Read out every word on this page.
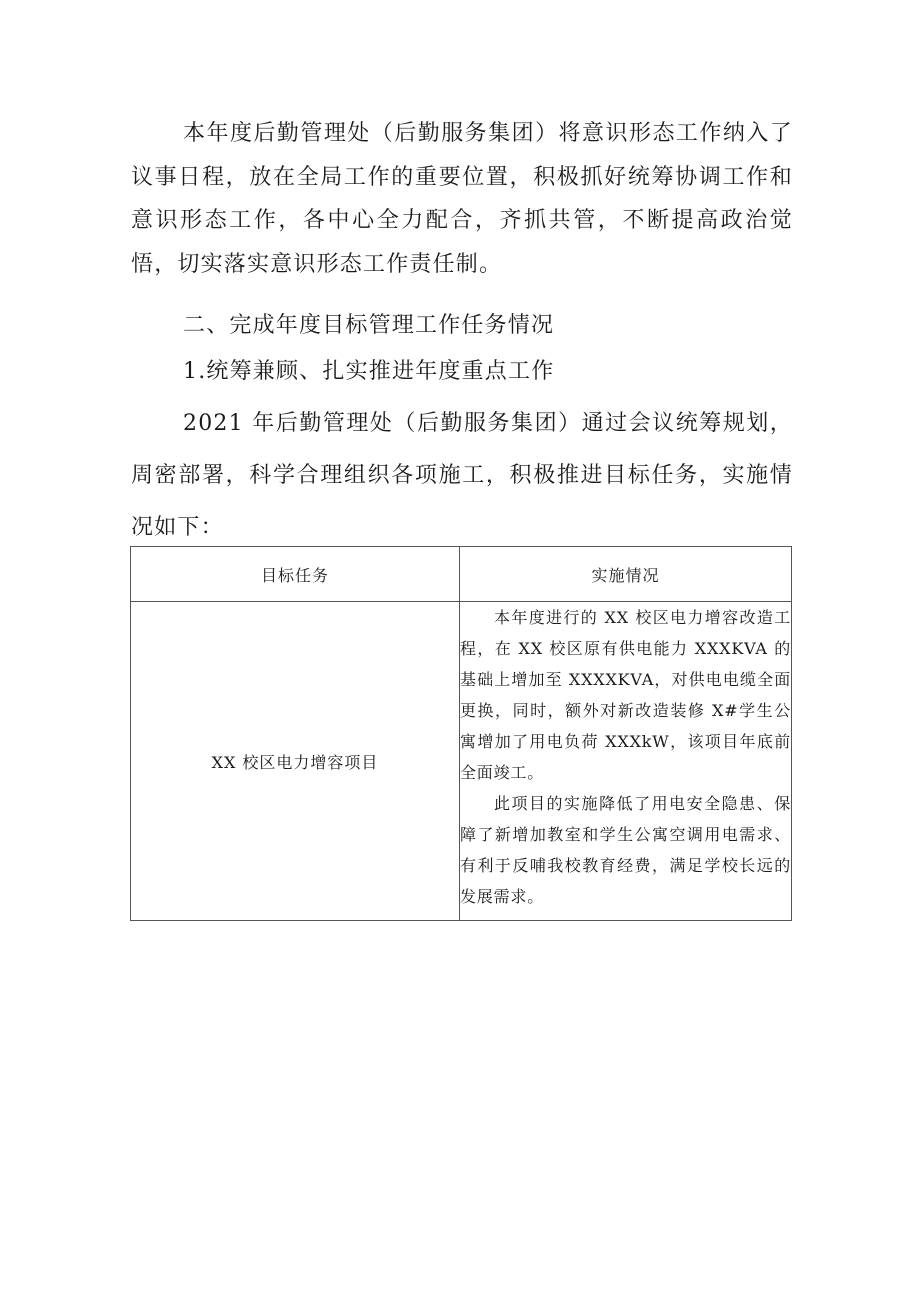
本年度后勤管理处（后勤服务集团）将意识形态工作纳入了议事日程，放在全局工作的重要位置，积极抓好统筹协调工作和意识形态工作，各中心全力配合，齐抓共管，不断提高政治觉悟，切实落实意识形态工作责任制。

二、完成年度目标管理工作任务情况

1.统筹兼顾、扎实推进年度重点工作

2021 年后勤管理处（后勤服务集团）通过会议统筹规划，周密部署，科学合理组织各项施工，积极推进目标任务，实施情况如下：

目标任务	实施情况
XX 校区电力增容项目	本年度进行的 XX 校区电力增容改造工程，在 XX 校区原有供电能力 XXXKVA 的基础上增加至 XXXXKVA，对供电电缆全面更换，同时，额外对新改造装修 X#学生公寓增加了用电负荷 XXXkW，该项目年底前全面竣工。

此项目的实施降低了用电安全隐患、保障了新增加教室和学生公寓空调用电需求、有利于反哺我校教育经费，满足学校长远的发展需求。
